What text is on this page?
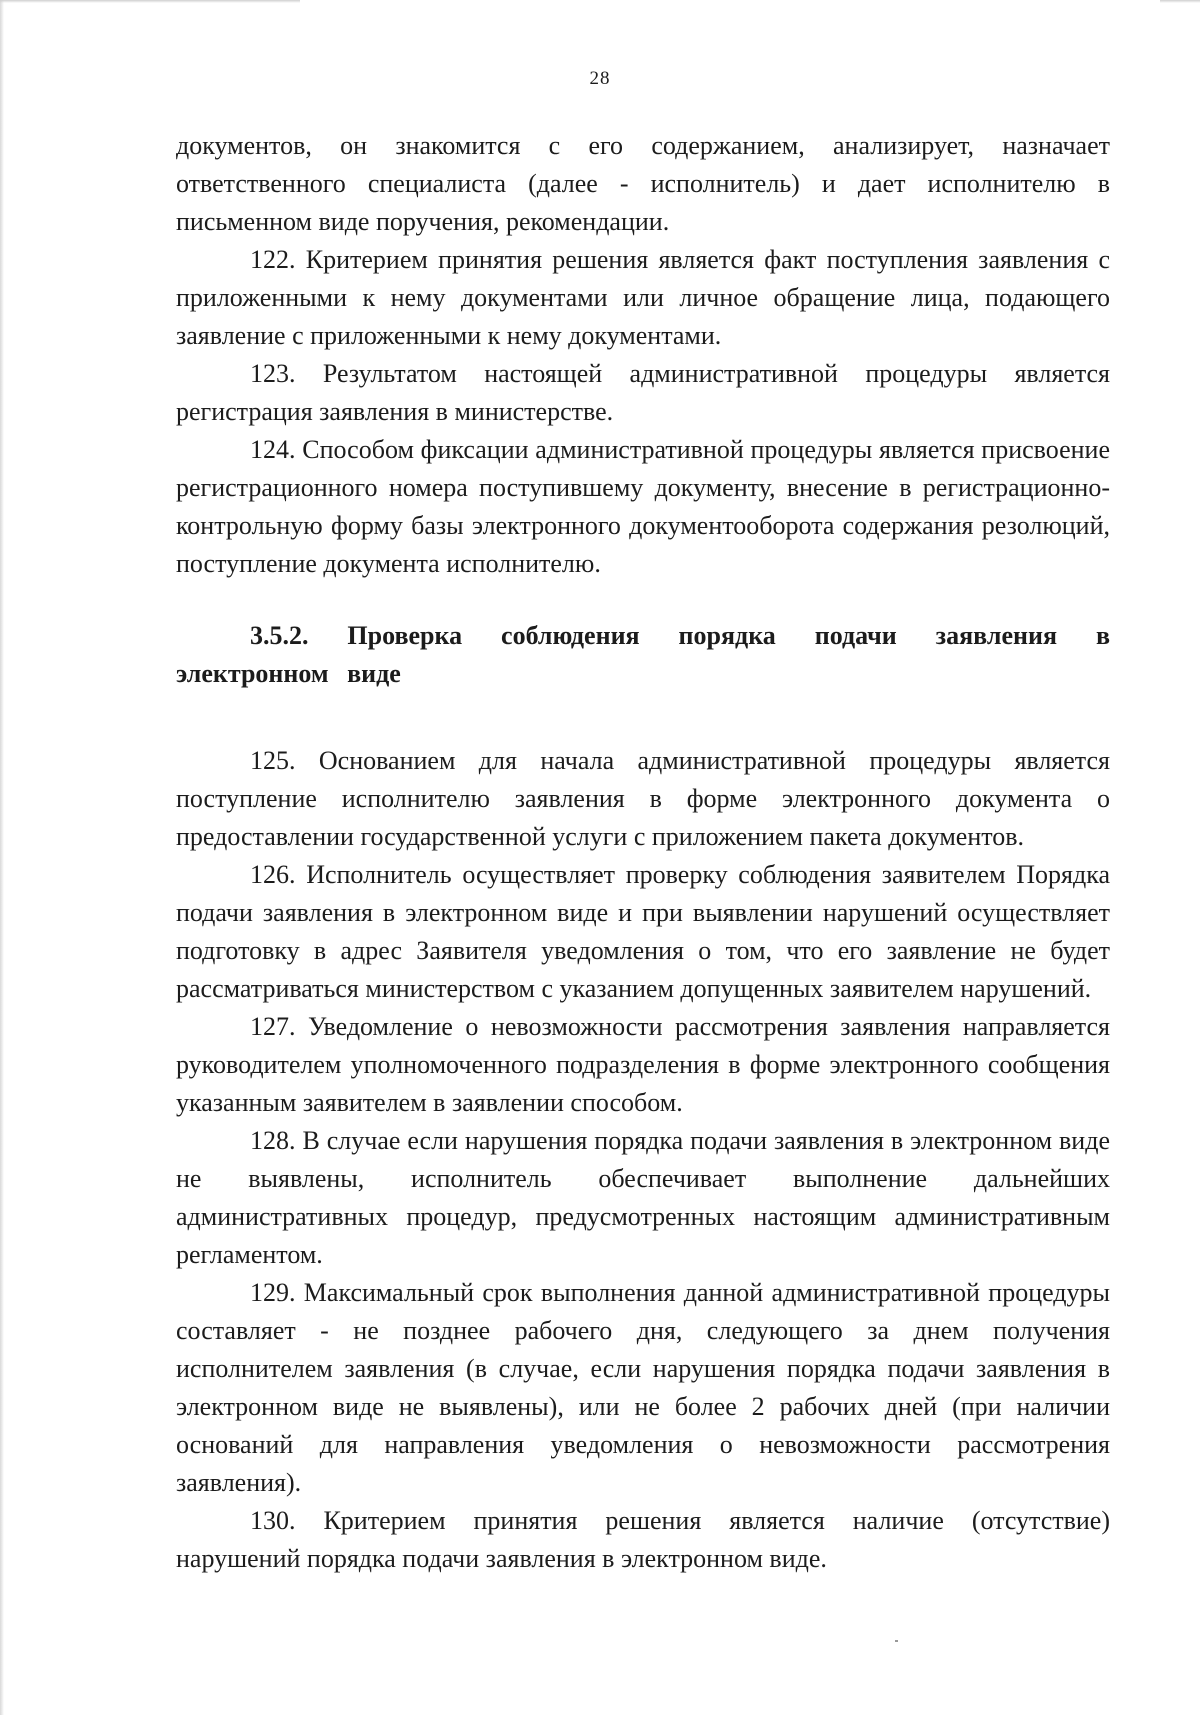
28

документов, он знакомится с его содержанием, анализирует, назначает ответственного специалиста (далее - исполнитель) и дает исполнителю в письменном виде поручения, рекомендации.

122. Критерием принятия решения является факт поступления заявления с приложенными к нему документами или личное обращение лица, подающего заявление с приложенными к нему документами.

123. Результатом настоящей административной процедуры является регистрация заявления в министерстве.

124. Способом фиксации административной процедуры является присвоение регистрационного номера поступившему документу, внесение в регистрационно-контрольную форму базы электронного документооборота содержания резолюций, поступление документа исполнителю.

3.5.2. Проверка соблюдения порядка подачи заявления в электронном виде

125. Основанием для начала административной процедуры является поступление исполнителю заявления в форме электронного документа о предоставлении государственной услуги с приложением пакета документов.

126. Исполнитель осуществляет проверку соблюдения заявителем Порядка подачи заявления в электронном виде и при выявлении нарушений осуществляет подготовку в адрес Заявителя уведомления о том, что его заявление не будет рассматриваться министерством с указанием допущенных заявителем нарушений.

127. Уведомление о невозможности рассмотрения заявления направляется руководителем уполномоченного подразделения в форме электронного сообщения указанным заявителем в заявлении способом.

128. В случае если нарушения порядка подачи заявления в электронном виде не выявлены, исполнитель обеспечивает выполнение дальнейших административных процедур, предусмотренных настоящим административным регламентом.

129. Максимальный срок выполнения данной административной процедуры составляет - не позднее рабочего дня, следующего за днем получения исполнителем заявления (в случае, если нарушения порядка подачи заявления в электронном виде не выявлены), или не более 2 рабочих дней (при наличии оснований для направления уведомления о невозможности рассмотрения заявления).

130. Критерием принятия решения является наличие (отсутствие) нарушений порядка подачи заявления в электронном виде.
